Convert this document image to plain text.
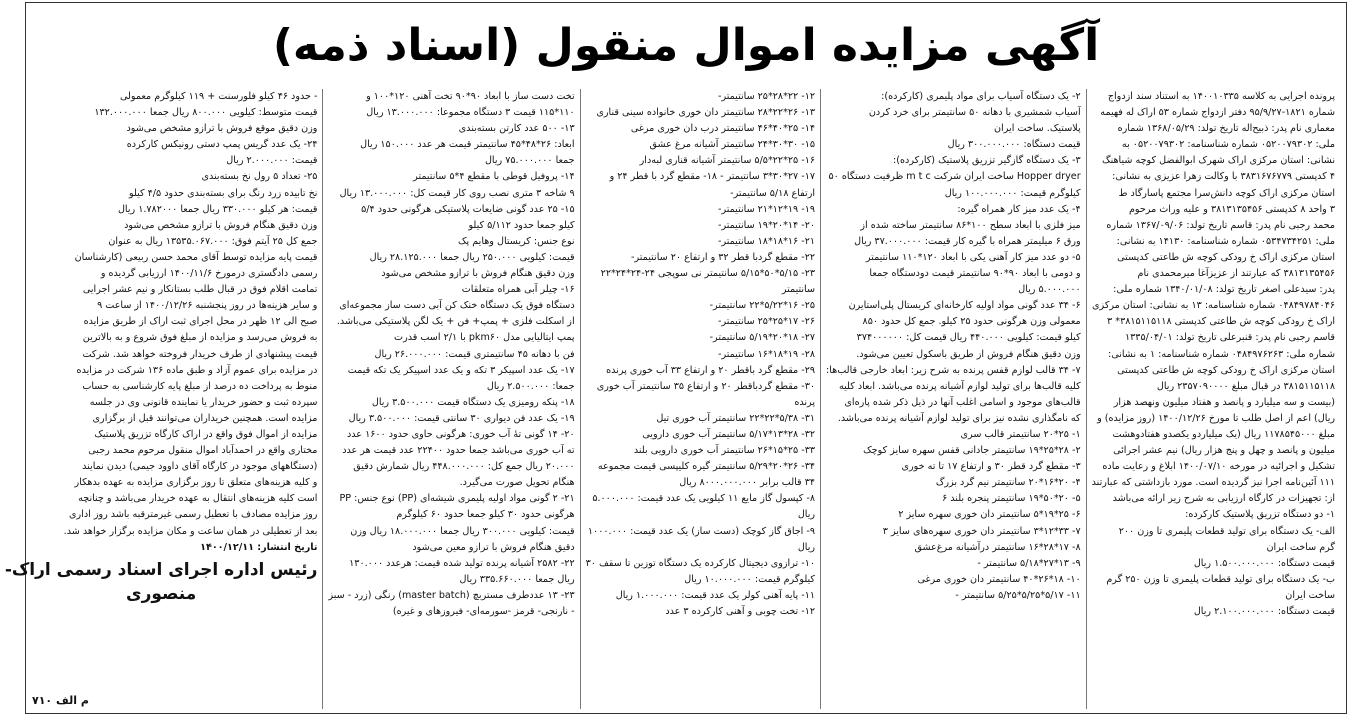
آگهی مزایده اموال منقول (اسناد ذمه)
پرونده اجرایی به کلاسه ۱۴۰۰۱۰۳۳۵ به استناد سند ازدواج
شماره ۱۸۲۱-۹۵/۹/۲۷ دفتر ازدواج شماره ۵۳ اراک له فهیمه
معماری نام پدر: ذبیح‌اله تاریخ تولد: ۱۳۶۸/۰۵/۲۹ شماره
ملی: ۰۵۲۰۰۷۹۳۰۲ شماره شناسنامه: ۰۵۲۰۰۷۹۳۰۲ به
نشانی: استان مرکزی اراک شهرک ابوالفضل کوچه شیاهنگ
۴ کدپستی ۳۸۳۱۶۷۶۷۷۹ با وکالت زهرا عزیزی به نشانی:
استان مرکزی اراک کوچه دانش‌سرا مجتمع پاسارگاد ط
۳ واحد ۸ کدپستی ۳۸۱۳۱۳۵۴۵۶ و علیه وراث مرحوم
محمد رجبی نام پدر: قاسم تاریخ تولد: ۱۳۶۷/۰۹/۰۶ شماره
ملی: ۰۵۳۴۷۳۴۲۵۱ شماره شناسنامه: ۱۴۱۳۰ به نشانی:
استان مرکزی اراک خ رودکی کوچه ش طاعتی کدپستی
۳۸۱۳۱۳۵۴۵۶ که عبارتند از عزیزآغا میرمحمدی نام
پدر: سیدعلی اصغر تاریخ تولد: ۱۳۴۰/۰۱/۰۸ شماره ملی:
۰۴۸۴۹۷۸۴۰۴۶ شماره شناسنامه: ۱۳ به نشانی: استان مرکزی
اراک خ رودکی کوچه ش طاعتی کدپستی ۳۸۱۵۱۱۵۱۱۸* ۳
قاسم رجبی نام پدر: قنبرعلی تاریخ تولد: ۱۳۳۵/۰۴/۰۱
شماره ملی: ۰۴۸۴۹۷۶۲۶۳ شماره شناسنامه: ۱ به نشانی:
استان مرکزی اراک خ رودکی کوچه ش طاعتی کدپستی
۳۸۱۵۱۱۵۱۱۸ در قبال مبلغ ۲۳۵۷۰۹۰۰۰۰ ریال
(بیست و سه میلیارد و پانصد و هفتاد میلیون ونهصد هزار
ریال) اعم از اصل طلب تا مورخ ۱۴۰۰/۱۲/۲۶ (روز مزایده) و
مبلغ ۱۱۷۸۵۴۵۰۰۰ ریال (یک میلیاردو یکصدو هفتادوهشت
میلیون و پانصد و چهل و پنج هزار ریال) نیم عشر اجرائی
تشکیل و اجرائیه در مورخه ۱۴۰۰/۰۷/۱۰ ابلاغ و رعایت ماده
۱۱۱ آئین‌نامه اجرا نیز گردیده است. مورد بازداشتی که عبارتند
از: تجهیزات در کارگاه ارزیابی به شرح زیر ارائه می‌باشد
۱- دو دستگاه تزریق پلاستیک کارکرده:
الف- یک دستگاه برای تولید قطعات پلیمری تا وزن ۲۰۰
گرم ساخت ایران
قیمت دستگاه: ۱.۵۰۰.۰۰۰.۰۰۰ ریال
ب- یک دستگاه برای تولید قطعات پلیمری تا وزن ۲۵۰ گرم
ساخت ایران
قیمت دستگاه: ۲.۱۰۰.۰۰۰.۰۰۰ ریال
۲- یک دستگاه آسیاب برای مواد پلیمری (کارکرده):
آسیاب شمشیری با دهانه ۵۰ سانتیمتر برای خرد کردن
پلاستیک. ساخت ایران
قیمت دستگاه: ۳۰۰.۰۰۰.۰۰۰ ریال
۳- یک دستگاه گازگیر تزریق پلاستیک (کارکرده):
Hopper dryer ساخت ایران شرکت m t c ظرفیت دستگاه ۵۰
کیلوگرم قیمت: ۱۰۰.۰۰۰.۰۰۰ ریال
۴- یک عدد میز کار همراه گیره:
میز فلزی با ابعاد سطح ۱۰۰*۸۶ سانتیمتر ساخته شده از
ورق ۶ میلیمتر همراه با گیره کار قیمت: ۳۷.۰۰۰.۰۰۰ ریال
۵- دو عدد میز کار آهنی یکی با ابعاد ۱۲۰*۱۱۰ سانتیمتر
و دومی با ابعاد ۹۰*۹۰ سانتیمتر قیمت دودستگاه جمعا
۵.۰۰۰.۰۰۰ ریال
۶- ۳۴ عدد گونی مواد اولیه کارخانه‌ای کریستال پلی‌استایرن
معمولی وزن هرگونی حدود ۲۵ کیلو. جمع کل حدود ۸۵۰
کیلو قیمت: کیلویی ۴۴۰.۰۰۰ ریال قیمت کل: ۳۷۴۰۰۰۰۰۰
وزن دقیق هنگام فروش از طریق باسکول تعیین می‌شود.
۷- ۳۴ قالب لوازم قفس پرنده به شرح زیر: ابعاد خارجی قالب‌ها:
کلیه قالب‌ها برای تولید لوازم آشیانه پرنده می‌باشد. ابعاد کلیه
قالب‌های موجود و اسامی اغلب آنها در ذیل ذکر شده پاره‌ای
که نامگذاری نشده نیز برای تولید لوازم آشیانه پرنده می‌باشد.
۱- ۲۵*۲۰ سانتیمتر قالب سری
۲- ۲۸*۲۵*۱۹ سانتیمتر جادانی قفس سهره سایز کوچک
۳- مقطع گرد قطر ۳۰ و ارتفاع ۱۷ تا ته خوری
۴- ۲۰*۱۶*۲۰ سانتیمتر نیم گرد بزرگ
۵- ۲۰*۵۰*۱۹ سانتیمتر پنجره بلند ۶
۶- ۲۵*۱۹*۵ سانتیمتر دان خوری سهره سایز ۲
۷- ۳۳*۱۲*۳ سانتیمتر دان خوری سهره‌های سایز ۳
۸- ۱۷*۲۸*۱۶ سانتیمتر درآشیانه مرغ‌عشق
۹- ۱۳*۲۷*۵/۱۸ سانتیمتر -
۱۰- ۱۸*۲۶*۴۰ سانتیمتر دان خوری مرغی
۱۱- ۵/۱۷*۵/۲۵*۵/۲۵ سانتیمتر -
۱۲- ۲۲*۲۸*۲۵ سانتیمتر-
۱۳- ۲۶*۲۲*۲۸ سانتیمتر دان خوری خانواده سینی قناری
۱۴- ۲۵*۴۰*۴۶ سانتیمتر درب دان خوری مرغی
۱۵- ۳۰*۳۰*۲۴ سانتیمتر آشیانه مرغ عشق
۱۶- ۲۵*۲۲*۵/۵ سانتیمتر آشیانه قناری لبه‌دار
۱۷- ۲۷*۳۰*۳ سانتیمتر - ۱۸- مقطع گرد با قطر ۲۴ و
ارتفاع ۵/۱۸ سانتیمتر-
۱۹- ۱۹*۱۲*۲۱ سانتیمتر-
۲۰- ۱۴*۲۰*۱۹ سانتیمتر-
۲۱- ۱۶*۱۸*۱۸ سانتیمتر-
۲۲- مقطع گردبا قطر ۳۲ و ارتفاع ۲۰ سانتیمتر-
۲۳- ۵/۱۵*۵۰*۵/۱۵ سانتیمتر نی سوپجی ۲۴-۲۴*۲۴*۲۲
سانتیمتر
۲۵- ۱۶*۵/۲۲*۲۲ سانتیمتر-
۲۶- ۱۷*۲۵*۲۵ سانتیمتر-
۲۷- ۱۸*۲۰*۵/۱۹ سانتیمتر-
۲۸- ۱۹*۱۸*۱۶ سانتیمتر-
۲۹- مقطع گرد باقطر ۲۰ و ارتفاع ۳۳ آب خوری پرنده
۳۰- مقطع گردباقطر ۲۰ و ارتفاع ۳۵ سانتیمتر آب خوری
پرنده
۳۱- ۵/۳۸*۲۲*۲۲ سانتیمتر آب خوری تیل
۳۲- ۲۸*۱۳*۵/۱۷ سانتیمتر آب خوری دارویی
۳۳- ۲۵*۱۵*۲۶ سانتیمتر آب خوری دارویی بلند
۳۴- ۲۶*۲۰*۵/۲۹ سانتیمتر گیره کلیپسی قیمت مجموعه
۳۴ قالب برابر ۸۰۰۰.۰۰۰.۰۰۰ ریال
۸- کپسول گاز مایع ۱۱ کیلویی یک عدد قیمت: ۵.۰۰۰.۰۰۰
ریال
۹- اجاق گاز کوچک (دست ساز) یک عدد قیمت: ۱۰۰۰.۰۰۰
ریال
۱۰- ترازوی دیجیتال کارکرده یک دستگاه توزین تا سقف ۳۰
کیلوگرم قیمت: ۱۰.۰۰۰.۰۰۰ ریال
۱۱- پایه آهنی کولر یک عدد قیمت: ۱.۰۰۰.۰۰۰ ریال
۱۲- تخت چوبی و آهنی کارکرده ۳ عدد
تخت دست ساز با ابعاد ۹۰*۹۰ تخت آهنی ۱۲۰*۱۰۰ و
۱۱۰*۱۱۵ قیمت ۳ دستگاه مجموعا: ۱۳.۰۰۰.۰۰۰ ریال
۱۳- ۵۰۰ عدد کارتن بسته‌بندی
ابعاد: ۲۶*۴۸*۴۵ سانتیمتر قیمت هر عدد ۱۵۰.۰۰۰ ریال
جمعا ۷۵.۰۰۰.۰۰۰ ریال
۱۴- پروفیل قوطی با مقطع ۴*۵ سانتیمتر
۹ شاخه ۳ متری نصب روی کار قیمت کل: ۱۳.۰۰۰.۰۰۰ ریال
۱۵- ۲۵ عدد گونی ضایعات پلاستیکی هرگونی حدود ۵/۴
کیلو جمعا حدود ۵/۱۱۲ کیلو
نوع جنس: کریستال وهایم پک
قیمت: کیلویی ۲۵۰.۰۰۰ ریال جمعا ۲۸.۱۲۵.۰۰۰ ریال
وزن دقیق هنگام فروش با ترازو مشخص می‌شود
۱۶- چیلر آبی همراه متعلقات
دستگاه فوق یک دستگاه خنک کن آبی دست ساز مجموعه‌ای
از اسکلت فلزی + پمپ+ فن + یک لگن پلاستیکی می‌باشد.
پمپ ایتالیایی مدل pkm۶۰ با ۲/۱ اسب قدرت
فن با دهانه ۴۵ سانتیمتری قیمت: ۲۶.۰۰۰.۰۰۰ ریال
۱۷- یک عدد اسپیکر ۳ تکه و یک عدد اسپیکر یک تکه قیمت
جمعا: ۲.۵۰۰.۰۰۰ ریال
۱۸- پنکه رومیزی یک دستگاه قیمت ۳.۵۰۰.۰۰۰ ریال
۱۹- یک عدد فن دیواری ۳۰ سانتی قیمت: ۳.۵۰۰.۰۰۰ ریال
۲۰- ۱۴ گونی تهٔ آب خوری: هرگونی حاوی حدود ۱۶۰۰ عدد
ته آب خوری می‌باشد جمعا حدود ۲۲۴۰۰ عدد قیمت هر عدد
۲۰.۰۰۰ ریال جمع کل: ۴۴۸.۰۰۰.۰۰۰ ریال شمارش دقیق
هنگام تحویل صورت می‌گیرد.
۲۱- ۲ گونی مواد اولیه پلیمری شیشه‌ای (PP) نوع جنس: PP
هرگونی حدود ۳۰ کیلو جمعا حدود ۶۰ کیلوگرم
قیمت: کیلویی ۳۰۰.۰۰۰ ریال جمعا ۱۸.۰۰۰.۰۰۰ ریال وزن
دقیق هنگام فروش با ترازو معین می‌شود
۲۲- ۲۵۸۲ آشیانه پرنده تولید شده قیمت: هرعدد ۱۳۰.۰۰۰
ریال جمعا ۳۳۵.۶۶۰.۰۰۰ ریال
۲۳- ۱۳ عددطرف مستربچ (master batch) رنگی (زرد - سبز
- نارنجی- قرمز -سورمه‌ای- فیروزهای و غیره)
- حدود ۴۶ کیلو فلورسنت + ۱۱۹ کیلوگرم معمولی
قیمت متوسط: کیلویی ۸۰۰.۰۰۰ ریال جمعا ۱۳۲.۰۰۰.۰۰۰
وزن دقیق موقع فروش با ترازو مشخص می‌شود
۲۴- یک عدد گریس پمپ دستی رونیکس کارکرده
قیمت: ۲.۰۰۰.۰۰۰ ریال
۲۵- تعداد ۵ رول نخ بسته‌بندی
نخ تابیده زرد رنگ برای بسته‌بندی حدود ۴/۵ کیلو
قیمت: هر کیلو ۳۳۰.۰۰۰ ریال جمعا ۱.۷۸۲۰۰۰ ریال
وزن دقیق هنگام فروش با ترازو مشخص می‌شود
جمع کل ۲۵ آیتم فوق: ۱۳۵۳۵.۰۶۷.۰۰۰ ریال به عنوان
قیمت پایه مزایده توسط آقای محمد حسن ربیعی (کارشناسان
رسمی دادگستری درمورخ ۱۴۰۰/۱۱/۶ ارزیابی گردیده و
تمامت اقلام فوق در قبال طلب بستانکار و نیم عشر اجرایی
و سایر هزینه‌ها در روز پنجشنبه ۱۴۰۰/۱۲/۲۶ از ساعت ۹
صبح الی ۱۲ ظهر در محل اجرای ثبت اراک از طریق مزایده
به فروش می‌رسد و مزایده از مبلغ فوق شروع و به بالاترین
قیمت پیشنهادی از طرف خریدار فروخته خواهد شد. شرکت
در مزایده برای عموم آزاد و طبق ماده ۱۳۶ شرکت در مزایده
منوط به پرداخت ده درصد از مبلغ پایه کارشناسی به حساب
سپرده ثبت و حضور خریدار یا نماینده قانونی وی در جلسه
مزایده است. همچنین خریداران می‌توانند قبل از برگزاری
مزایده از اموال فوق واقع در اراک کارگاه تزریق پلاستیک
مختاری واقع در احمدآباد اموال منقول مرحوم محمد رجبی
(دستگاههای موجود در کارگاه آقای داوود جیمی) دیدن نمایند
و کلیه هزینه‌های متعلق تا روز برگزاری مزایده به عهده بدهکار
است کلیه هزینه‌های انتقال به عهده خریدار می‌باشد و چنانچه
روز مزایده مصادف با تعطیل رسمی غیرمترقبه باشد روز اداری
بعد از تعطیلی در همان ساعت و مکان مزایده برگزار خواهد شد.
تاریخ انتشار: ۱۴۰۰/۱۲/۱۱
رئیس اداره اجرای اسناد رسمی اراک-
منصوری
م الف ۷۱۰
